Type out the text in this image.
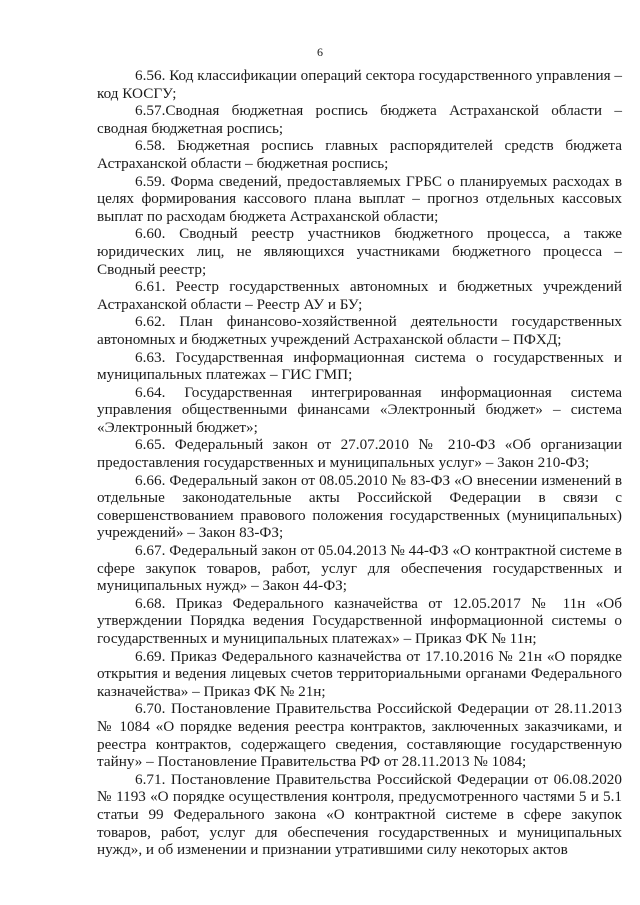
6

6.56. Код классификации операций сектора государственного управления – код КОСГУ;

6.57.Сводная бюджетная роспись бюджета Астраханской области – сводная бюджетная роспись;

6.58. Бюджетная роспись главных распорядителей средств бюджета Астраханской области – бюджетная роспись;

6.59. Форма сведений, предоставляемых ГРБС о планируемых расходах в целях формирования кассового плана выплат – прогноз отдельных кассовых выплат по расходам бюджета Астраханской области;

6.60. Сводный реестр участников бюджетного процесса, а также юридических лиц, не являющихся участниками бюджетного процесса – Сводный реестр;

6.61. Реестр государственных автономных и бюджетных учреждений Астраханской области – Реестр АУ и БУ;

6.62. План финансово-хозяйственной деятельности государственных автономных и бюджетных учреждений Астраханской области – ПФХД;

6.63. Государственная информационная система о государственных и муниципальных платежах – ГИС ГМП;

6.64. Государственная интегрированная информационная система управления общественными финансами «Электронный бюджет» – система «Электронный бюджет»;

6.65. Федеральный закон от 27.07.2010 № 210-ФЗ «Об организации предоставления государственных и муниципальных услуг» – Закон 210-ФЗ;

6.66. Федеральный закон от 08.05.2010 № 83-ФЗ «О внесении изменений в отдельные законодательные акты Российской Федерации в связи с совершенствованием правового положения государственных (муниципальных) учреждений» – Закон 83-ФЗ;

6.67. Федеральный закон от 05.04.2013 № 44-ФЗ «О контрактной системе в сфере закупок товаров, работ, услуг для обеспечения государственных и муниципальных нужд» – Закон 44-ФЗ;

6.68. Приказ Федерального казначейства от 12.05.2017 № 11н «Об утверждении Порядка ведения Государственной информационной системы о государственных и муниципальных платежах» – Приказ ФК № 11н;

6.69. Приказ Федерального казначейства от 17.10.2016 № 21н «О порядке открытия и ведения лицевых счетов территориальными органами Федерального казначейства» – Приказ ФК № 21н;

6.70. Постановление Правительства Российской Федерации от 28.11.2013 № 1084 «О порядке ведения реестра контрактов, заключенных заказчиками, и реестра контрактов, содержащего сведения, составляющие государственную тайну» – Постановление Правительства РФ от 28.11.2013 № 1084;

6.71. Постановление Правительства Российской Федерации от 06.08.2020 № 1193 «О порядке осуществления контроля, предусмотренного частями 5 и 5.1 статьи 99 Федерального закона «О контрактной системе в сфере закупок товаров, работ, услуг для обеспечения государственных и муниципальных нужд», и об изменении и признании утратившими силу некоторых актов
